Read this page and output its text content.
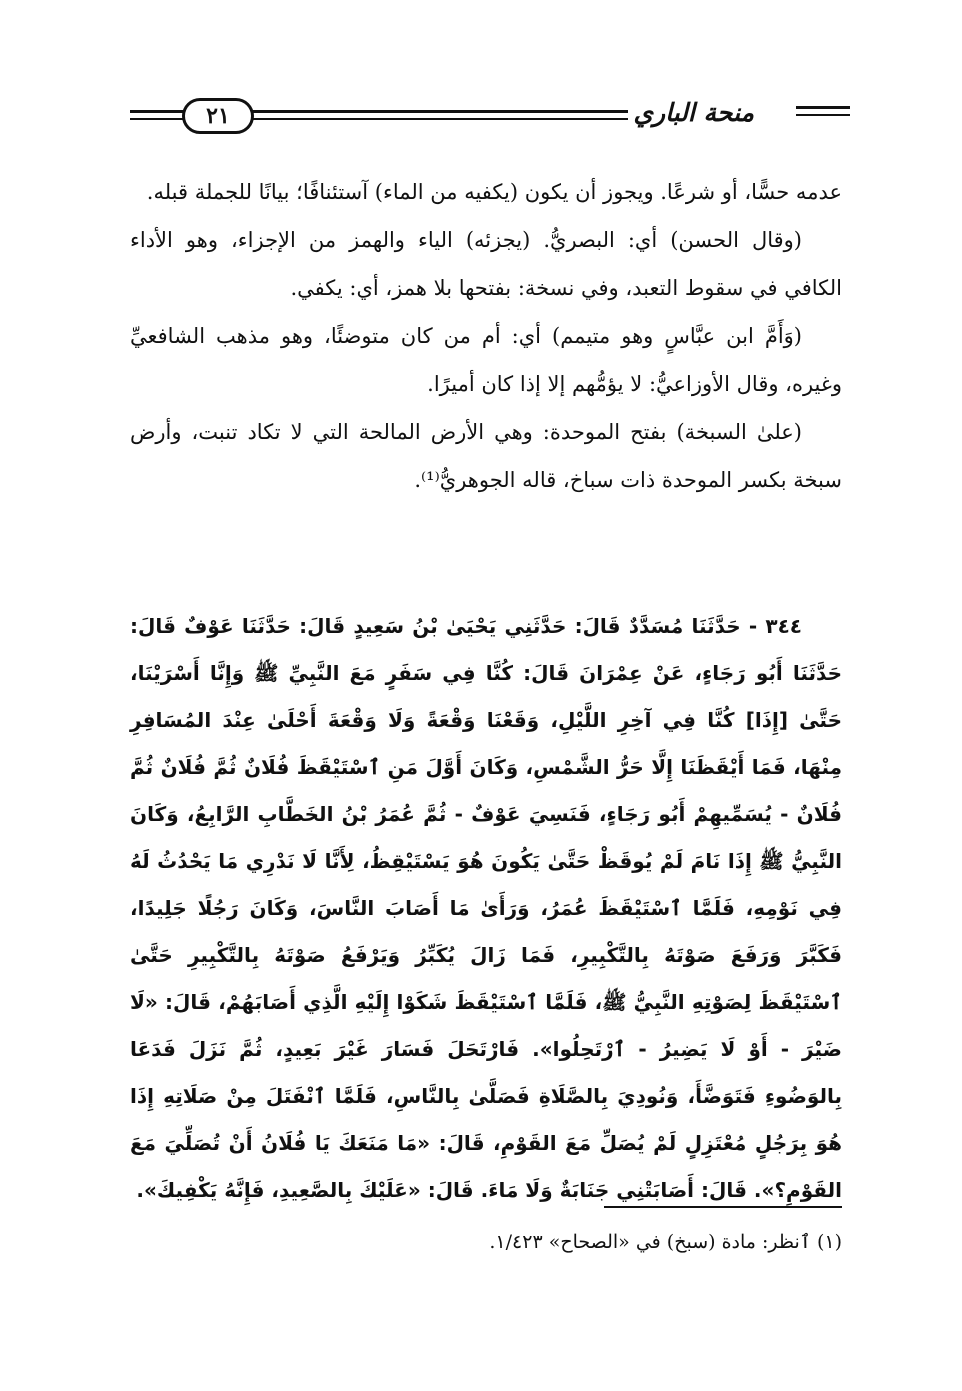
٢١	منحة الباري

عدمه حسًّا، أو شرعًا. ويجوز أن يكون (يكفيه من الماء) آستئنافًا؛ بيانًا للجملة قبله.

(وقال الحسن) أي: البصريُّ. (يجزئه) الياء والهمز من الإجزاء، وهو الأداء الكافي في سقوط التعبد، وفي نسخة: بفتحها بلا همز، أي: يكفي.

(وَأَمَّ ابن عبَّاسٍ وهو متيمم) أي: أم من كان متوضئًا، وهو مذهب الشافعيِّ وغيره، وقال الأوزاعيُّ: لا يؤمُّهم إلا إذا كان أميرًا.

(علىٰ السبخة) بفتح الموحدة: وهي الأرض المالحة التي لا تكاد تنبت، وأرض سبخة بكسر الموحدة ذات سباخ، قاله الجوهريُّ⁽¹⁾.

٣٤٤ - حَدَّثَنَا مُسَدَّدٌ قَالَ: حَدَّثَنِي يَحْيَىٰ بْنُ سَعِيدٍ قَالَ: حَدَّثَنَا عَوْفٌ قَالَ: حَدَّثَنَا أَبُو رَجَاءٍ، عَنْ عِمْرَانَ قَالَ: كُنَّا فِي سَفَرٍ مَعَ النَّبِيِّ ﷺ وَإِنَّا أَسْرَيْنَا، حَتَّىٰ [إِذَا] كُنَّا فِي آخِرِ اللَّيْلِ، وَقَعْنَا وَقْعَةً وَلَا وَقْعَةَ أَحْلَىٰ عِنْدَ المُسَافِرِ مِنْهَا، فَمَا أَيْقَظَنَا إِلَّا حَرُّ الشَّمْسِ، وَكَانَ أَوَّلَ مَنِ ٱسْتَيْقَظَ فُلَانٌ ثُمَّ فُلَانٌ ثُمَّ فُلَانٌ - يُسَمِّيهِمْ أَبُو رَجَاءٍ، فَنَسِيَ عَوْفٌ - ثُمَّ عُمَرُ بْنُ الخَطَّابِ الرَّابِعُ، وَكَانَ النَّبِيُّ ﷺ إِذَا نَامَ لَمْ يُوقَظْ حَتَّىٰ يَكُونَ هُوَ يَسْتَيْقِظُ، لِأَنَّا لَا نَدْرِي مَا يَحْدُثُ لَهُ فِي نَوْمِهِ، فَلَمَّا ٱسْتَيْقَظَ عُمَرُ، وَرَأَىٰ مَا أَصَابَ النَّاسَ، وَكَانَ رَجُلًا جَلِيدًا، فَكَبَّرَ وَرَفَعَ صَوْتَهُ بِالتَّكْبِيرِ، فَمَا زَالَ يُكَبِّرُ وَيَرْفَعُ صَوْتَهُ بِالتَّكْبِيرِ حَتَّىٰ ٱسْتَيْقَظَ لِصَوْتِهِ النَّبِيُّ ﷺ، فَلَمَّا ٱسْتَيْقَظَ شَكَوْا إِلَيْهِ الَّذِي أَصَابَهُمْ، قَالَ: «لَا ضَيْرَ - أَوْ لَا يَضِيرُ - ٱرْتَحِلُوا». فَارْتَحَلَ فَسَارَ غَيْرَ بَعِيدٍ، ثُمَّ نَزَلَ فَدَعَا بِالوَضُوءِ فَتَوَضَّأَ، وَنُودِيَ بِالصَّلَاةِ فَصَلَّىٰ بِالنَّاسِ، فَلَمَّا ٱنْفَتَلَ مِنْ صَلَاتِهِ إِذَا هُوَ بِرَجُلٍ مُعْتَزِلٍ لَمْ يُصَلِّ مَعَ القَوْمِ، قَالَ: «مَا مَنَعَكَ يَا فُلَانُ أَنْ تُصَلِّيَ مَعَ القَوْمِ؟». قَالَ: أَصَابَتْنِي جَنَابَةٌ وَلَا مَاءَ. قَالَ: «عَلَيْكَ بِالصَّعِيدِ، فَإِنَّهُ يَكْفِيكَ».

(١) ٱنظر: مادة (سبخ) في «الصحاح» ١/٤٢٣.
